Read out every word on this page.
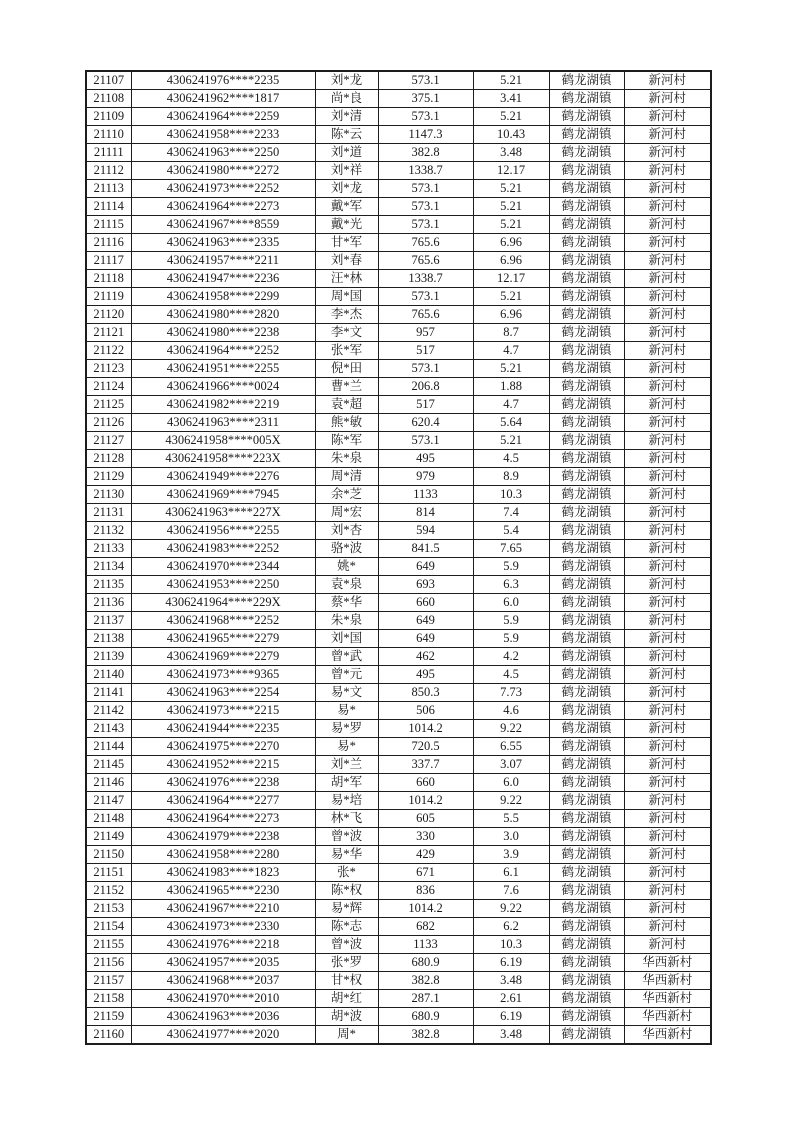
21107	4306241976****2235	刘*龙	573.1	5.21	鹤龙湖镇	新河村
21108	4306241962****1817	尚*良	375.1	3.41	鹤龙湖镇	新河村
21109	4306241964****2259	刘*清	573.1	5.21	鹤龙湖镇	新河村
21110	4306241958****2233	陈*云	1147.3	10.43	鹤龙湖镇	新河村
21111	4306241963****2250	刘*道	382.8	3.48	鹤龙湖镇	新河村
21112	4306241980****2272	刘*祥	1338.7	12.17	鹤龙湖镇	新河村
21113	4306241973****2252	刘*龙	573.1	5.21	鹤龙湖镇	新河村
21114	4306241964****2273	戴*军	573.1	5.21	鹤龙湖镇	新河村
21115	4306241967****8559	戴*光	573.1	5.21	鹤龙湖镇	新河村
21116	4306241963****2335	甘*军	765.6	6.96	鹤龙湖镇	新河村
21117	4306241957****2211	刘*春	765.6	6.96	鹤龙湖镇	新河村
21118	4306241947****2236	汪*林	1338.7	12.17	鹤龙湖镇	新河村
21119	4306241958****2299	周*国	573.1	5.21	鹤龙湖镇	新河村
21120	4306241980****2820	李*杰	765.6	6.96	鹤龙湖镇	新河村
21121	4306241980****2238	李*文	957	8.7	鹤龙湖镇	新河村
21122	4306241964****2252	张*军	517	4.7	鹤龙湖镇	新河村
21123	4306241951****2255	倪*田	573.1	5.21	鹤龙湖镇	新河村
21124	4306241966****0024	曹*兰	206.8	1.88	鹤龙湖镇	新河村
21125	4306241982****2219	袁*超	517	4.7	鹤龙湖镇	新河村
21126	4306241963****2311	熊*敏	620.4	5.64	鹤龙湖镇	新河村
21127	4306241958****005X	陈*军	573.1	5.21	鹤龙湖镇	新河村
21128	4306241958****223X	朱*泉	495	4.5	鹤龙湖镇	新河村
21129	4306241949****2276	周*清	979	8.9	鹤龙湖镇	新河村
21130	4306241969****7945	余*芝	1133	10.3	鹤龙湖镇	新河村
21131	4306241963****227X	周*宏	814	7.4	鹤龙湖镇	新河村
21132	4306241956****2255	刘*杏	594	5.4	鹤龙湖镇	新河村
21133	4306241983****2252	骆*波	841.5	7.65	鹤龙湖镇	新河村
21134	4306241970****2344	姚*	649	5.9	鹤龙湖镇	新河村
21135	4306241953****2250	袁*泉	693	6.3	鹤龙湖镇	新河村
21136	4306241964****229X	蔡*华	660	6.0	鹤龙湖镇	新河村
21137	4306241968****2252	朱*泉	649	5.9	鹤龙湖镇	新河村
21138	4306241965****2279	刘*国	649	5.9	鹤龙湖镇	新河村
21139	4306241969****2279	曾*武	462	4.2	鹤龙湖镇	新河村
21140	4306241973****9365	曾*元	495	4.5	鹤龙湖镇	新河村
21141	4306241963****2254	易*文	850.3	7.73	鹤龙湖镇	新河村
21142	4306241973****2215	易*	506	4.6	鹤龙湖镇	新河村
21143	4306241944****2235	易*罗	1014.2	9.22	鹤龙湖镇	新河村
21144	4306241975****2270	易*	720.5	6.55	鹤龙湖镇	新河村
21145	4306241952****2215	刘*兰	337.7	3.07	鹤龙湖镇	新河村
21146	4306241976****2238	胡*军	660	6.0	鹤龙湖镇	新河村
21147	4306241964****2277	易*培	1014.2	9.22	鹤龙湖镇	新河村
21148	4306241964****2273	林*飞	605	5.5	鹤龙湖镇	新河村
21149	4306241979****2238	曾*波	330	3.0	鹤龙湖镇	新河村
21150	4306241958****2280	易*华	429	3.9	鹤龙湖镇	新河村
21151	4306241983****1823	张*	671	6.1	鹤龙湖镇	新河村
21152	4306241965****2230	陈*权	836	7.6	鹤龙湖镇	新河村
21153	4306241967****2210	易*辉	1014.2	9.22	鹤龙湖镇	新河村
21154	4306241973****2330	陈*志	682	6.2	鹤龙湖镇	新河村
21155	4306241976****2218	曾*波	1133	10.3	鹤龙湖镇	新河村
21156	4306241957****2035	张*罗	680.9	6.19	鹤龙湖镇	华西新村
21157	4306241968****2037	甘*权	382.8	3.48	鹤龙湖镇	华西新村
21158	4306241970****2010	胡*红	287.1	2.61	鹤龙湖镇	华西新村
21159	4306241963****2036	胡*波	680.9	6.19	鹤龙湖镇	华西新村
21160	4306241977****2020	周*	382.8	3.48	鹤龙湖镇	华西新村
